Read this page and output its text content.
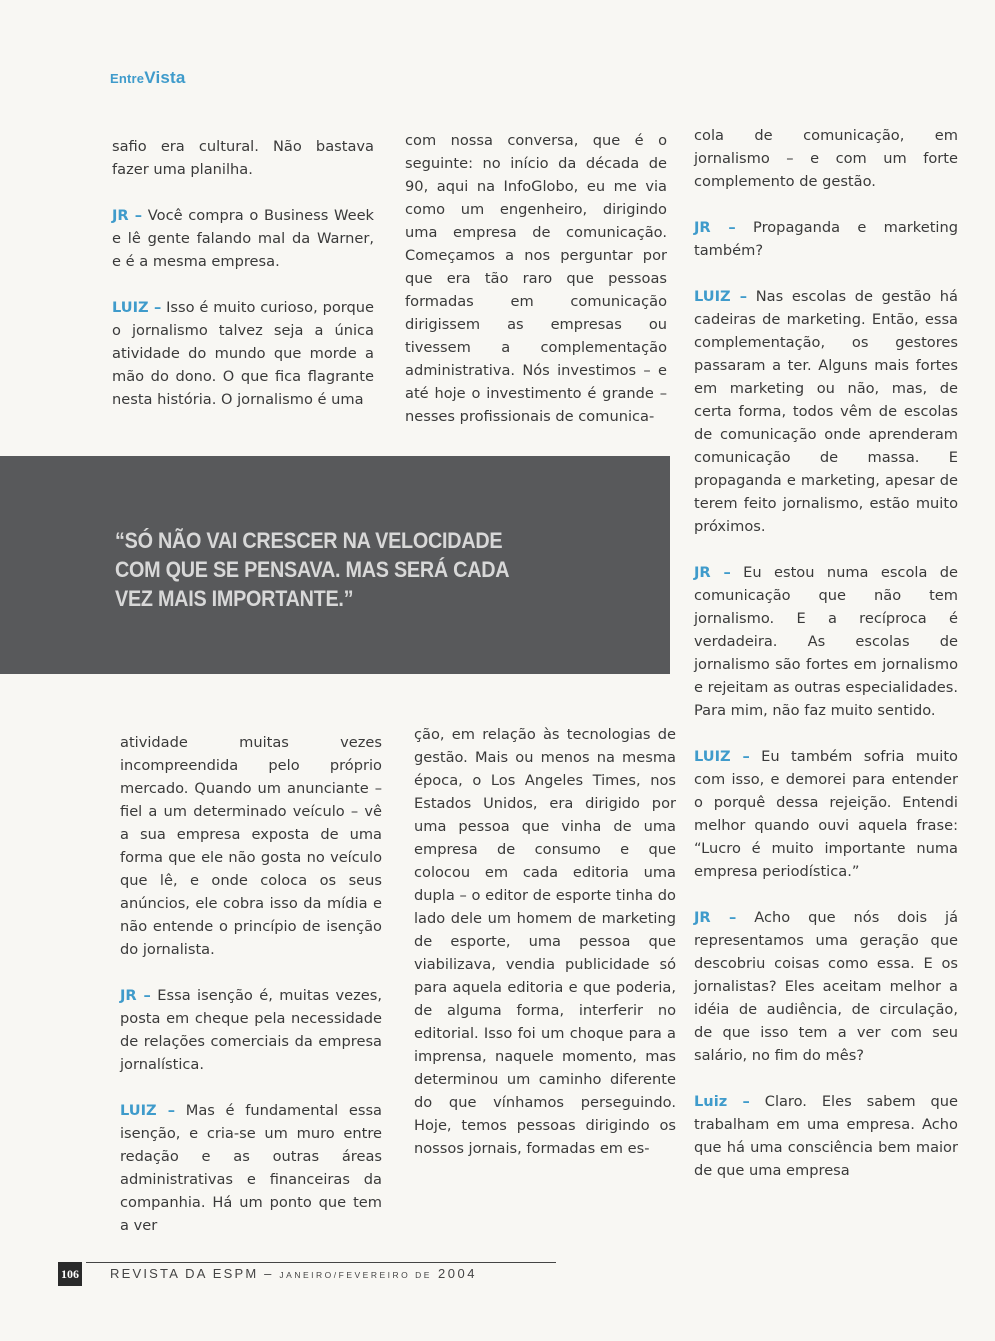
EntreVista

safio era cultural. Não bastava fazer uma planilha.

JR – Você compra o Business Week e lê gente falando mal da Warner, e é a mesma empresa.

LUIZ – Isso é muito curioso, porque o jornalismo talvez seja a única atividade do mundo que morde a mão do dono. O que fica flagrante nesta história. O jornalismo é uma

com nossa conversa, que é o seguinte: no início da década de 90, aqui na InfoGlobo, eu me via como um engenheiro, dirigindo uma empresa de comunicação. Começamos a nos perguntar por que era tão raro que pessoas formadas em comunicação dirigissem as empresas ou tivessem a complementação administrativa. Nós investimos – e até hoje o investimento é grande – nesses profissionais de comunica-

“SÓ NÃO VAI CRESCER NA VELOCIDADE COM QUE SE PENSAVA. MAS SERÁ CADA VEZ MAIS IMPORTANTE.”

atividade muitas vezes incompreendida pelo próprio mercado. Quando um anunciante – fiel a um determinado veículo – vê a sua empresa exposta de uma forma que ele não gosta no veículo que lê, e onde coloca os seus anúncios, ele cobra isso da mídia e não entende o princípio de isenção do jornalista.

JR – Essa isenção é, muitas vezes, posta em cheque pela necessidade de relações comerciais da empresa jornalística.

LUIZ – Mas é fundamental essa isenção, e cria-se um muro entre redação e as outras áreas administrativas e financeiras da companhia. Há um ponto que tem a ver

ção, em relação às tecnologias de gestão. Mais ou menos na mesma época, o Los Angeles Times, nos Estados Unidos, era dirigido por uma pessoa que vinha de uma empresa de consumo e que colocou em cada editoria uma dupla – o editor de esporte tinha do lado dele um homem de marketing de esporte, uma pessoa que viabilizava, vendia publicidade só para aquela editoria e que poderia, de alguma forma, interferir no editorial. Isso foi um choque para a imprensa, naquele momento, mas determinou um caminho diferente do que vínhamos perseguindo. Hoje, temos pessoas dirigindo os nossos jornais, formadas em es-

cola de comunicação, em jornalismo – e com um forte complemento de gestão.

JR – Propaganda e marketing também?

LUIZ – Nas escolas de gestão há cadeiras de marketing. Então, essa complementação, os gestores passaram a ter. Alguns mais fortes em marketing ou não, mas, de certa forma, todos vêm de escolas de comunicação onde aprenderam comunicação de massa. E propaganda e marketing, apesar de terem feito jornalismo, estão muito próximos.

JR – Eu estou numa escola de comunicação que não tem jornalismo. E a recíproca é verdadeira. As escolas de jornalismo são fortes em jornalismo e rejeitam as outras especialidades. Para mim, não faz muito sentido.

LUIZ – Eu também sofria muito com isso, e demorei para entender o porquê dessa rejeição. Entendi melhor quando ouvi aquela frase: “Lucro é muito importante numa empresa periodística.”

JR – Acho que nós dois já representamos uma geração que descobriu coisas como essa. E os jornalistas? Eles aceitam melhor a idéia de audiência, de circulação, de que isso tem a ver com seu salário, no fim do mês?

Luiz – Claro. Eles sabem que trabalham em uma empresa. Acho que há uma consciência bem maior de que uma empresa

106 REVISTA DA ESPM – JANEIRO/FEVEREIRO DE 2004
